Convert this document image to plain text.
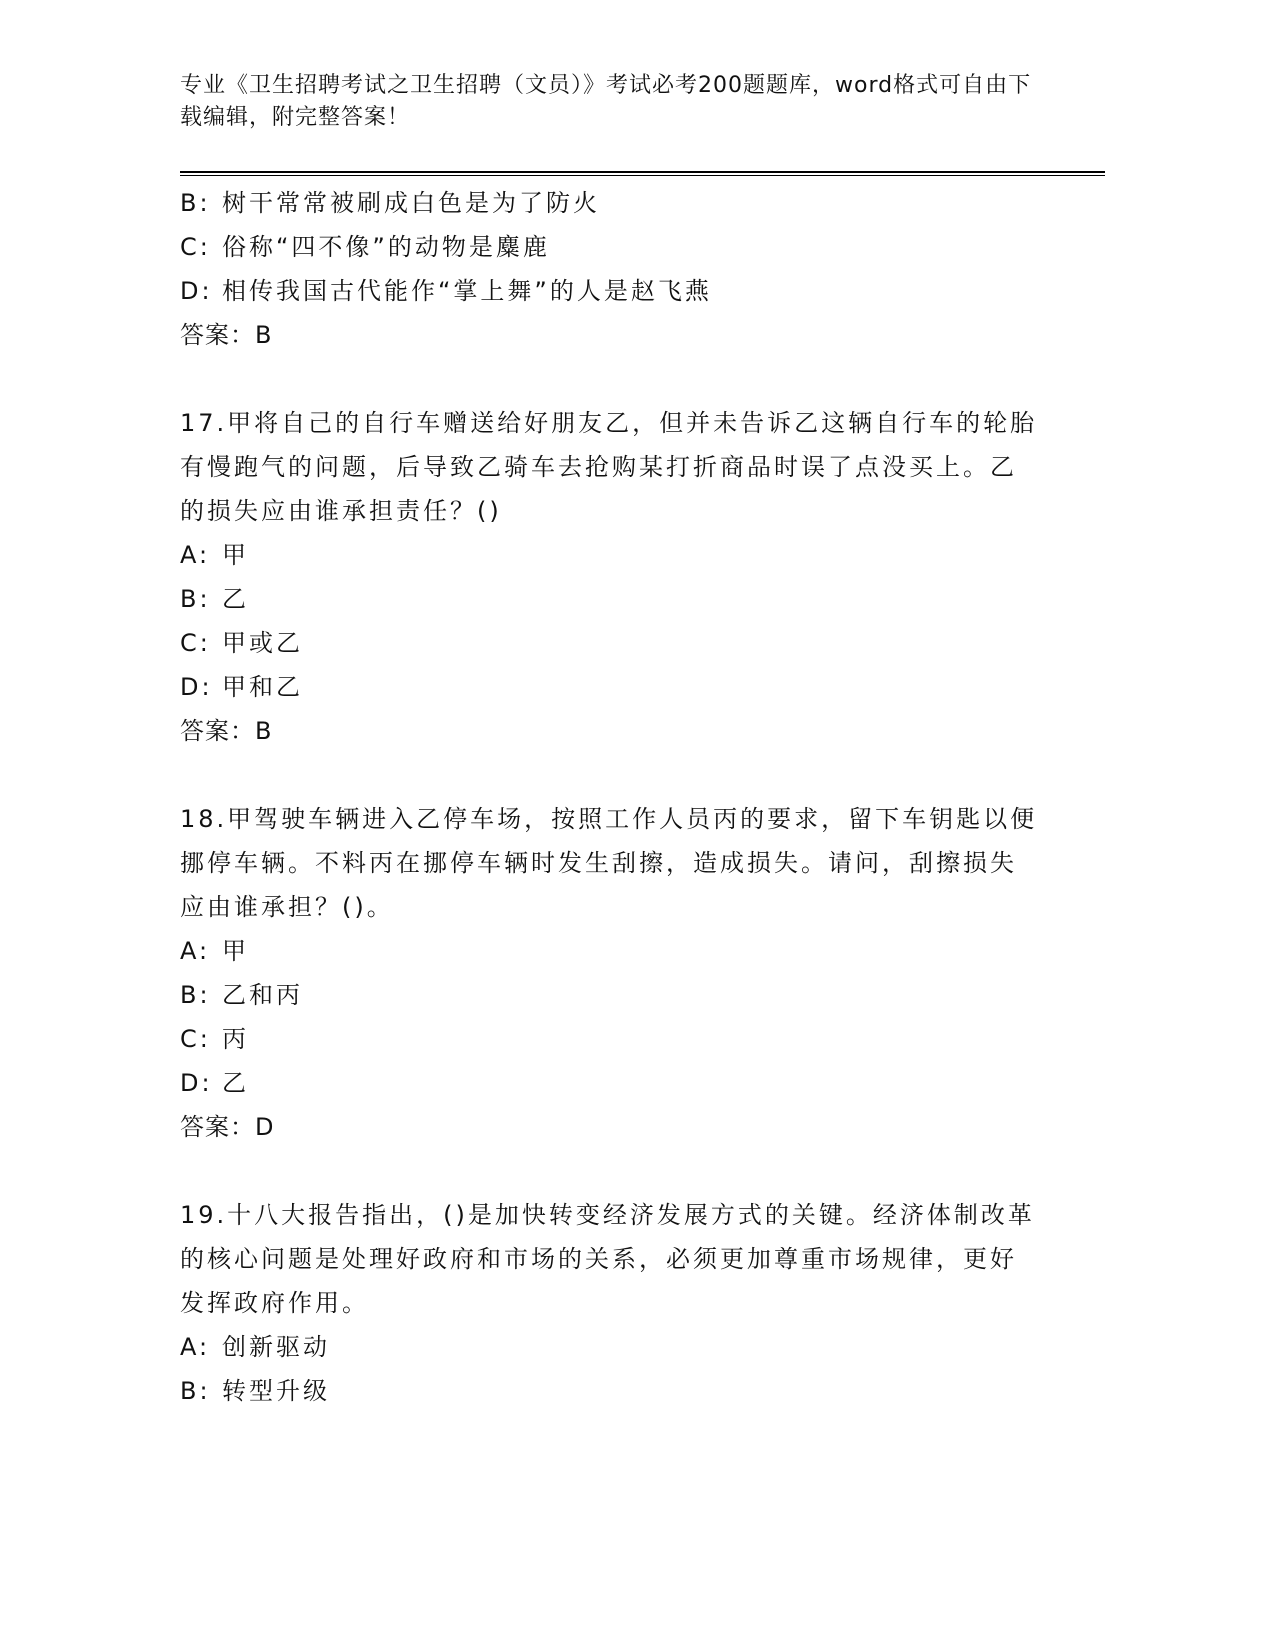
专业《卫生招聘考试之卫生招聘（文员）》考试必考200题题库，word格式可自由下载编辑，附完整答案！
B: 树干常常被刷成白色是为了防火
C: 俗称“四不像”的动物是麋鹿
D: 相传我国古代能作“掌上舞”的人是赵飞燕
答案：B
17.甲将自己的自行车赠送给好朋友乙，但并未告诉乙这辆自行车的轮胎有慢跑气的问题，后导致乙骑车去抢购某打折商品时误了点没买上。乙的损失应由谁承担责任？()
A: 甲
B: 乙
C: 甲或乙
D: 甲和乙
答案：B
18.甲驾驶车辆进入乙停车场，按照工作人员丙的要求，留下车钥匙以便挪停车辆。不料丙在挪停车辆时发生刮擦，造成损失。请问，刮擦损失应由谁承担？()。
A: 甲
B: 乙和丙
C: 丙
D: 乙
答案：D
19.十八大报告指出，()是加快转变经济发展方式的关键。经济体制改革的核心问题是处理好政府和市场的关系，必须更加尊重市场规律，更好发挥政府作用。
A: 创新驱动
B: 转型升级
